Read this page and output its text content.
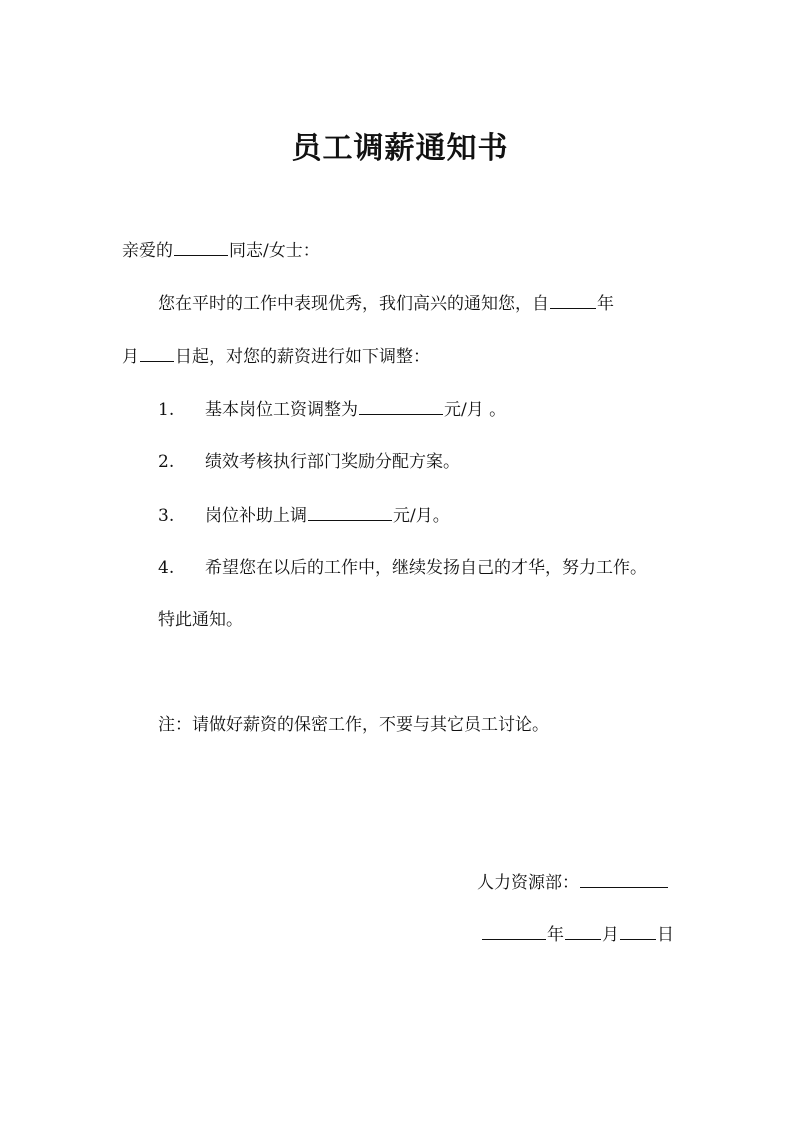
员工调薪通知书
亲爱的	同志/女士：
您在平时的工作中表现优秀，我们高兴的通知您，自	年
月 日起，对您的薪资进行如下调整：
1. 基本岗位工资调整为	元/月 。
2. 绩效考核执行部门奖励分配方案。
3. 岗位补助上调	元/月。
4. 希望您在以后的工作中，继续发扬自己的才华，努力工作。
特此通知。
注：请做好薪资的保密工作，不要与其它员工讨论。
人力资源部：
年 月 日
